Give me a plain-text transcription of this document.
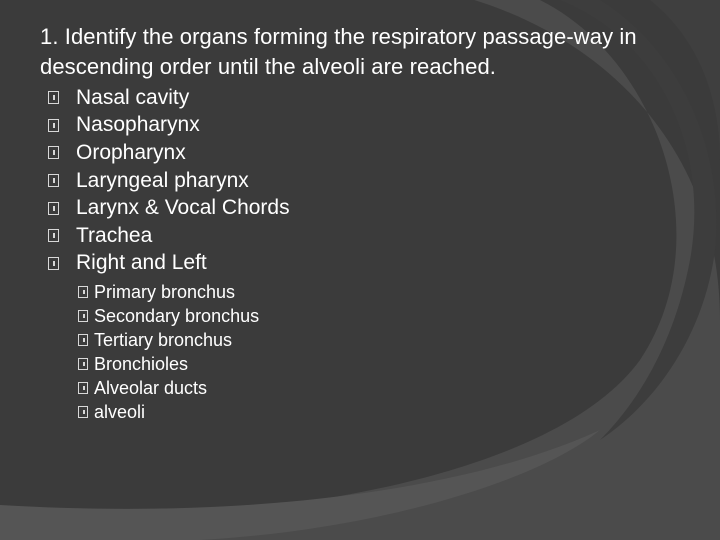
1. Identify the organs forming the respiratory passage-way in descending order until the alveoli are reached.

Nasal cavity
Nasopharynx
Oropharynx
Laryngeal pharynx
Larynx & Vocal Chords
Trachea
Right and Left
Primary bronchus
Secondary bronchus
Tertiary bronchus
Bronchioles
Alveolar ducts
alveoli
